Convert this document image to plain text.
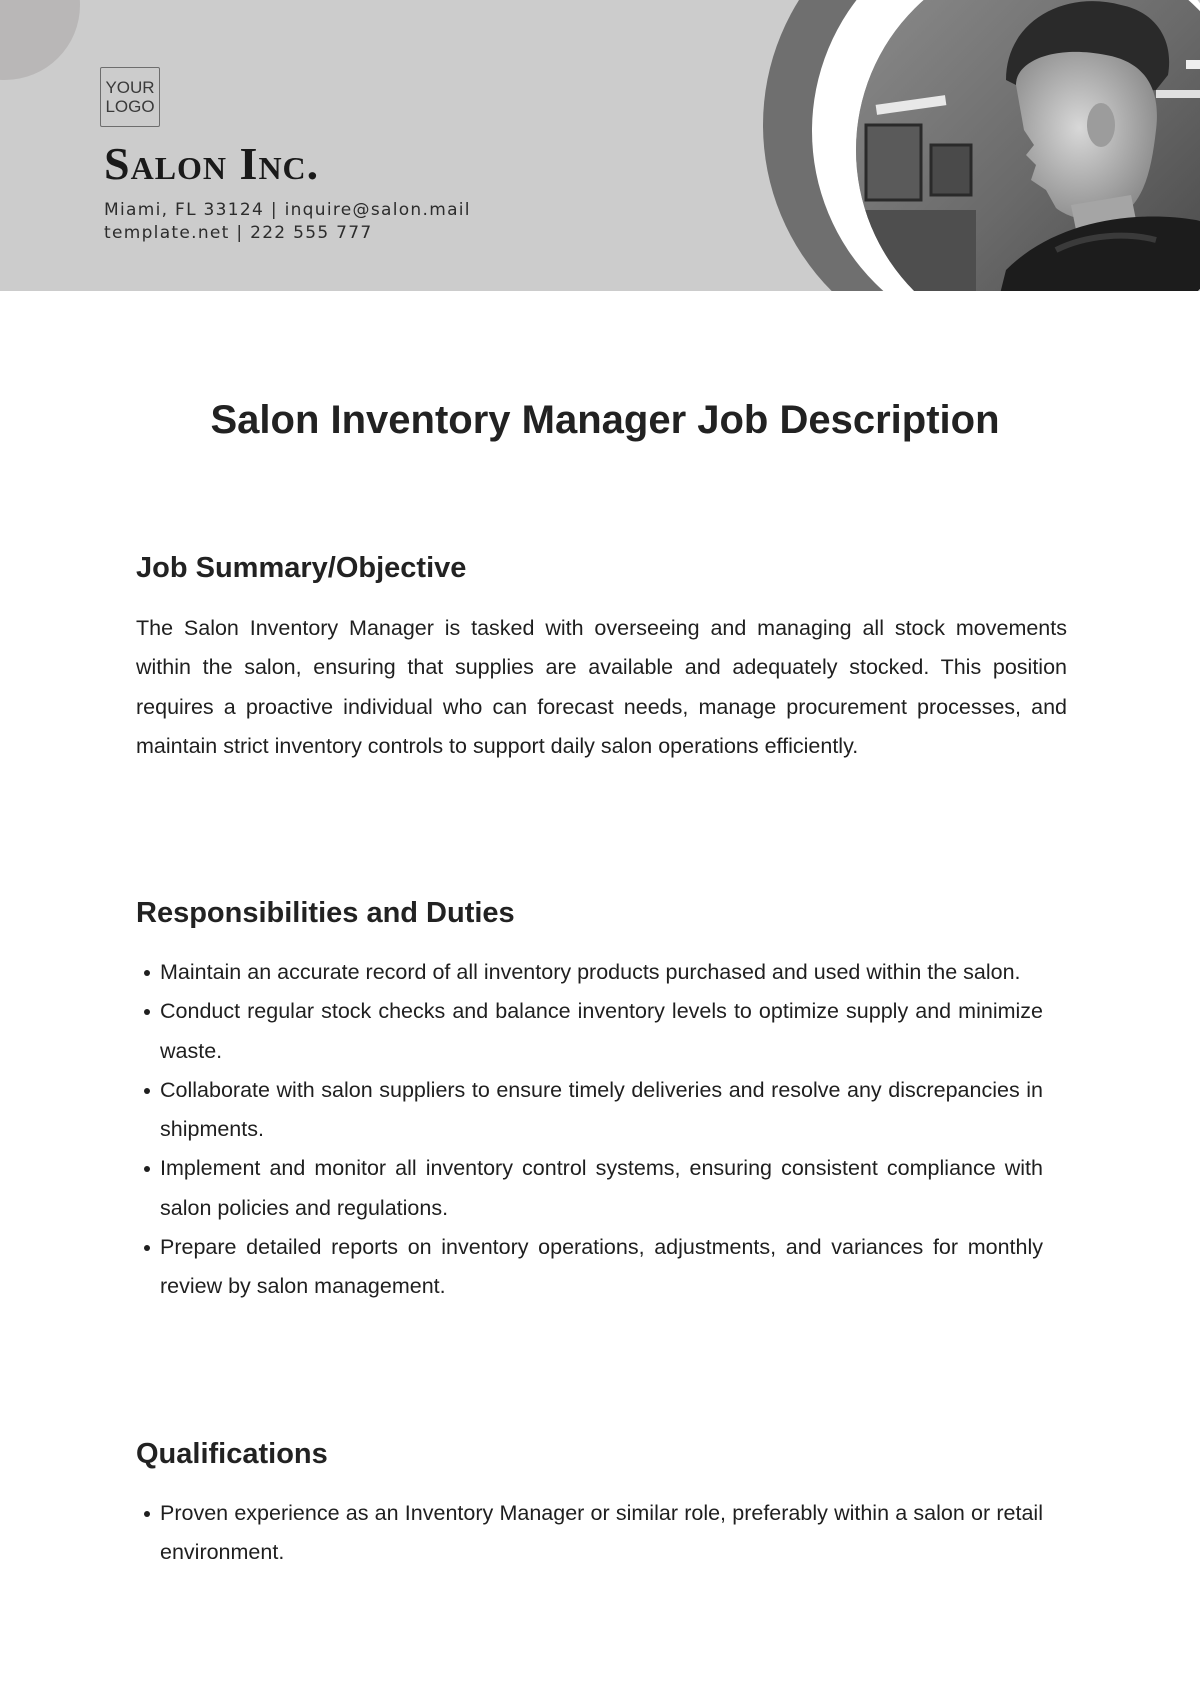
YOUR
LOGO
Salon Inc.
Miami, FL 33124 | inquire@salon.mail
template.net | 222 555 777
Salon Inventory Manager Job Description
Job Summary/Objective
The Salon Inventory Manager is tasked with overseeing and managing all stock movements within the salon, ensuring that supplies are available and adequately stocked. This position requires a proactive individual who can forecast needs, manage procurement processes, and maintain strict inventory controls to support daily salon operations efficiently.
Responsibilities and Duties
Maintain an accurate record of all inventory products purchased and used within the salon.
Conduct regular stock checks and balance inventory levels to optimize supply and minimize waste.
Collaborate with salon suppliers to ensure timely deliveries and resolve any discrepancies in shipments.
Implement and monitor all inventory control systems, ensuring consistent compliance with salon policies and regulations.
Prepare detailed reports on inventory operations, adjustments, and variances for monthly review by salon management.
Qualifications
Proven experience as an Inventory Manager or similar role, preferably within a salon or retail environment.
